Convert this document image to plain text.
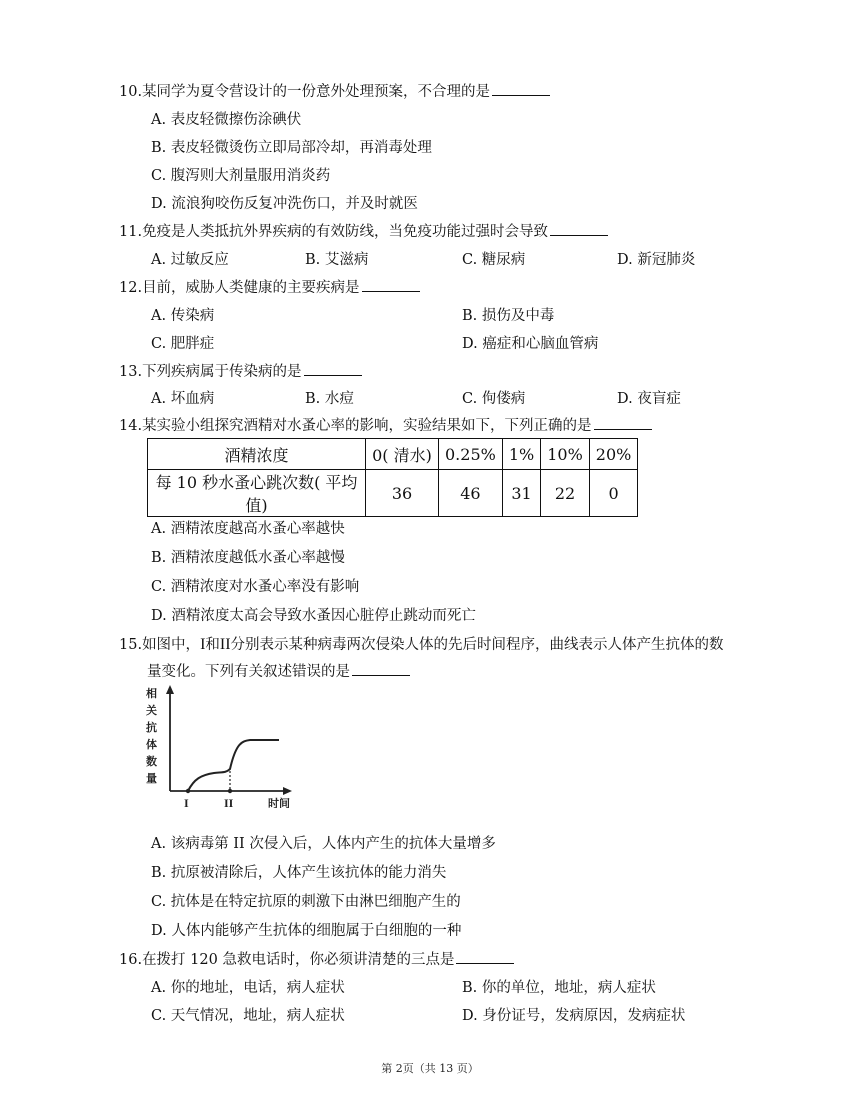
10.某同学为夏令营设计的一份意外处理预案，不合理的是
A. 表皮轻微擦伤涂碘伏
B. 表皮轻微烫伤立即局部冷却，再消毒处理
C. 腹泻则大剂量服用消炎药
D. 流浪狗咬伤反复冲洗伤口，并及时就医
11.免疫是人类抵抗外界疾病的有效防线，当免疫功能过强时会导致
A. 过敏反应	B. 艾滋病	C. 糖尿病	D. 新冠肺炎
12.目前，威胁人类健康的主要疾病是
A. 传染病	B. 损伤及中毒
C. 肥胖症	D. 癌症和心脑血管病
13.下列疾病属于传染病的是
A. 坏血病	B. 水痘	C. 佝偻病	D. 夜盲症
14.某实验小组探究酒精对水蚤心率的影响，实验结果如下，下列正确的是
酒精浓度	0( 清水)	0.25%	1%	10%	20%
每 10 秒水蚤心跳次数( 平均值)	36	46	31	22	0
A. 酒精浓度越高水蚤心率越快
B. 酒精浓度越低水蚤心率越慢
C. 酒精浓度对水蚤心率没有影响
D. 酒精浓度太高会导致水蚤因心脏停止跳动而死亡
15.如图中，I和II分别表示某种病毒两次侵染人体的先后时间程序，曲线表示人体产生抗体的数
量变化。下列有关叙述错误的是
相
关
抗
体
数
量
I	II	时间
A. 该病毒第 II 次侵入后，人体内产生的抗体大量增多
B. 抗原被清除后，人体产生该抗体的能力消失
C. 抗体是在特定抗原的刺激下由淋巴细胞产生的
D. 人体内能够产生抗体的细胞属于白细胞的一种
16.在拨打 120 急救电话时，你必须讲清楚的三点是
A. 你的地址，电话，病人症状	B. 你的单位，地址，病人症状
C. 天气情况，地址，病人症状	D. 身份证号，发病原因，发病症状
第 2页（共 13 页）
